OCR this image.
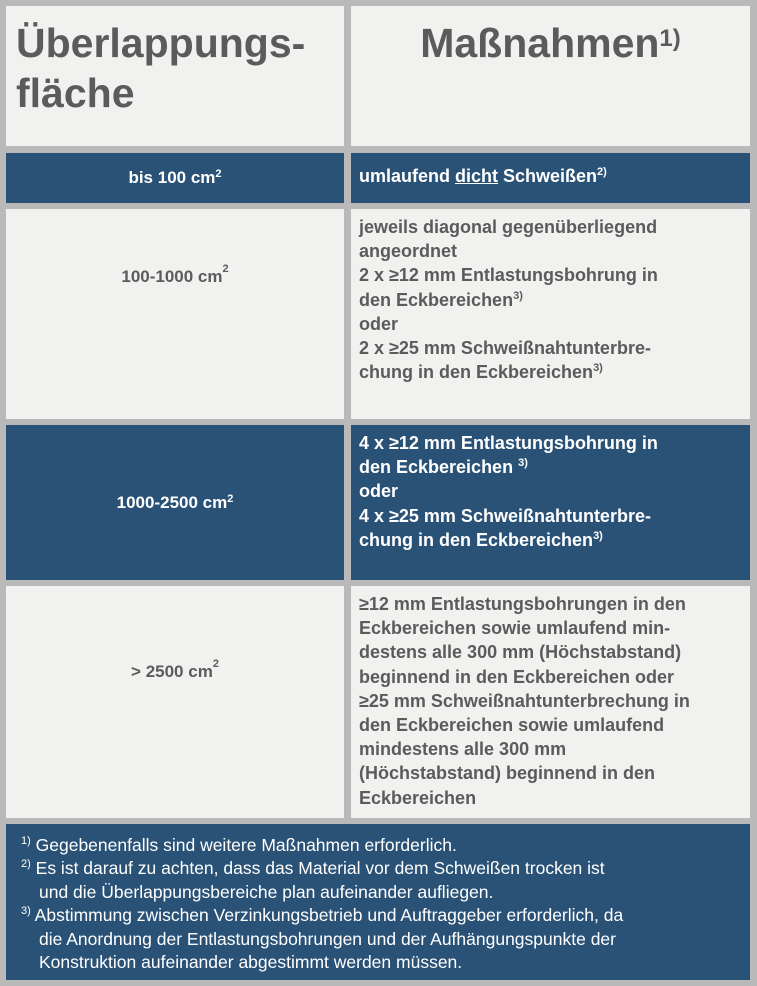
Überlappungs-
fläche
Maßnahmen$^{1)}$
bis 100 $cm^2$	umlaufend dicht Schweißen$^{2)}$
100-1000 $cm^2$
jeweils diagonal gegenüberliegend
angeordnet
2 x ≥12 mm Entlastungsbohrung in
den Eckbereichen$^{3)}$
oder
2 x ≥25 mm Schweißnahtunterbre-
chung in den Eckbereichen$^{3)}$
1000-2500 $cm^2$
4 x ≥12 mm Entlastungsbohrung in
den Eckbereichen $^{3)}$
oder
4 x ≥25 mm Schweißnahtunterbre-
chung in den Eckbereichen$^{3)}$
> 2500 $cm^2$
≥12 mm Entlastungsbohrungen in den
Eckbereichen sowie umlaufend min-
destens alle 300 mm (Höchstabstand)
beginnend in den Eckbereichen oder
≥25 mm Schweißnahtunterbrechung in
den Eckbereichen sowie umlaufend
mindestens alle 300 mm
(Höchstabstand) beginnend in den
Eckbereichen
$^{1)}$ Gegebenenfalls sind weitere Maßnahmen erforderlich.
$^{2)}$ Es ist darauf zu achten, dass das Material vor dem Schweißen trocken ist
und die Überlappungsbereiche plan aufeinander aufliegen.
$^{3)}$ Abstimmung zwischen Verzinkungsbetrieb und Auftraggeber erforderlich, da
die Anordnung der Entlastungsbohrungen und der Aufhängungspunkte der
Konstruktion aufeinander abgestimmt werden müssen.
